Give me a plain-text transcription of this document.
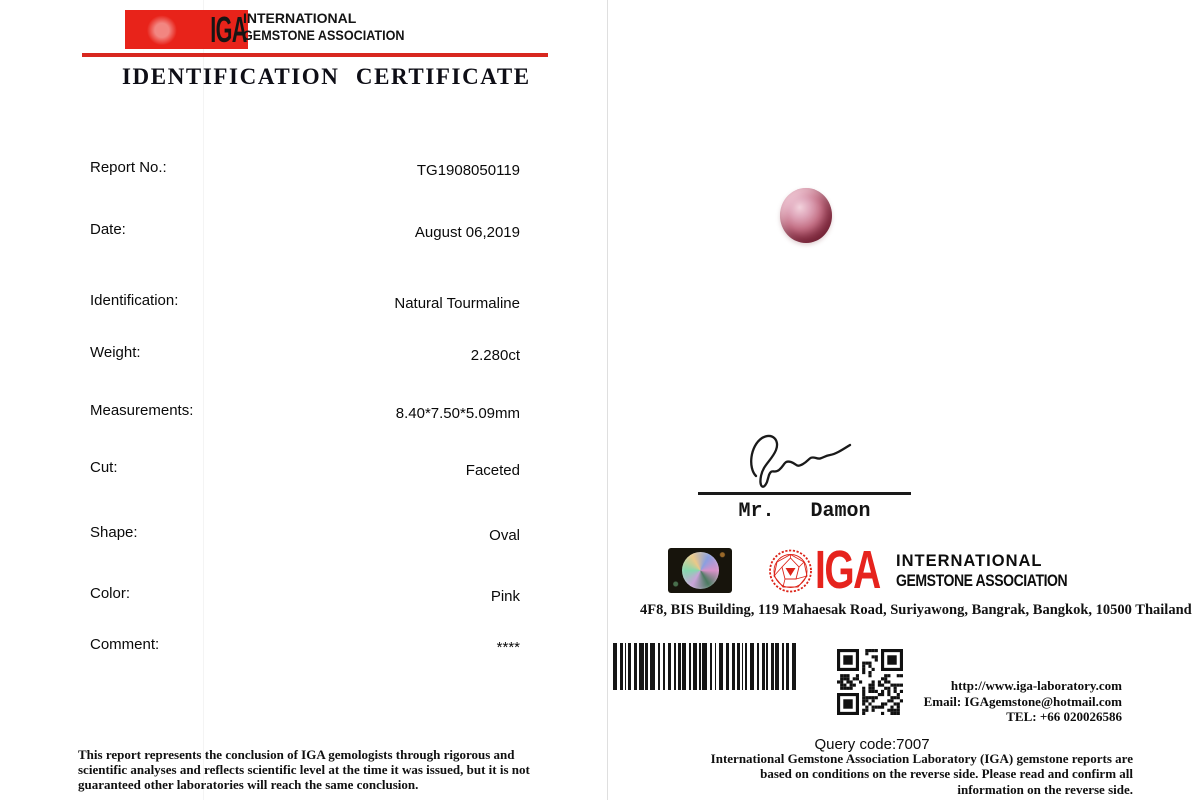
IGA
INTERNATIONAL
GEMSTONE ASSOCIATION
IDENTIFICATION CERTIFICATE
Report No.:	TG1908050119
Date:	August 06,2019
Identification:	Natural Tourmaline
Weight:	2.280ct
Measurements:	8.40*7.50*5.09mm
Cut:	Faceted
Shape:	Oval
Color:	Pink
Comment:	****
This report represents the conclusion of IGA gemologists through rigorous and scientific analyses and reflects scientific level at the time it was issued, but it is not guaranteed other laboratories will reach the same conclusion.
Mr.   Damon
IGA INTERNATIONAL
GEMSTONE ASSOCIATION
4F8, BIS Building, 119 Mahaesak Road, Suriyawong, Bangrak, Bangkok, 10500 Thailand
http://www.iga-laboratory.com
Email: IGAgemstone@hotmail.com
TEL: +66 020026586
Query code:7007
International Gemstone Association Laboratory (IGA) gemstone reports are based on conditions on the reverse side. Please read and confirm all information on the reverse side.
